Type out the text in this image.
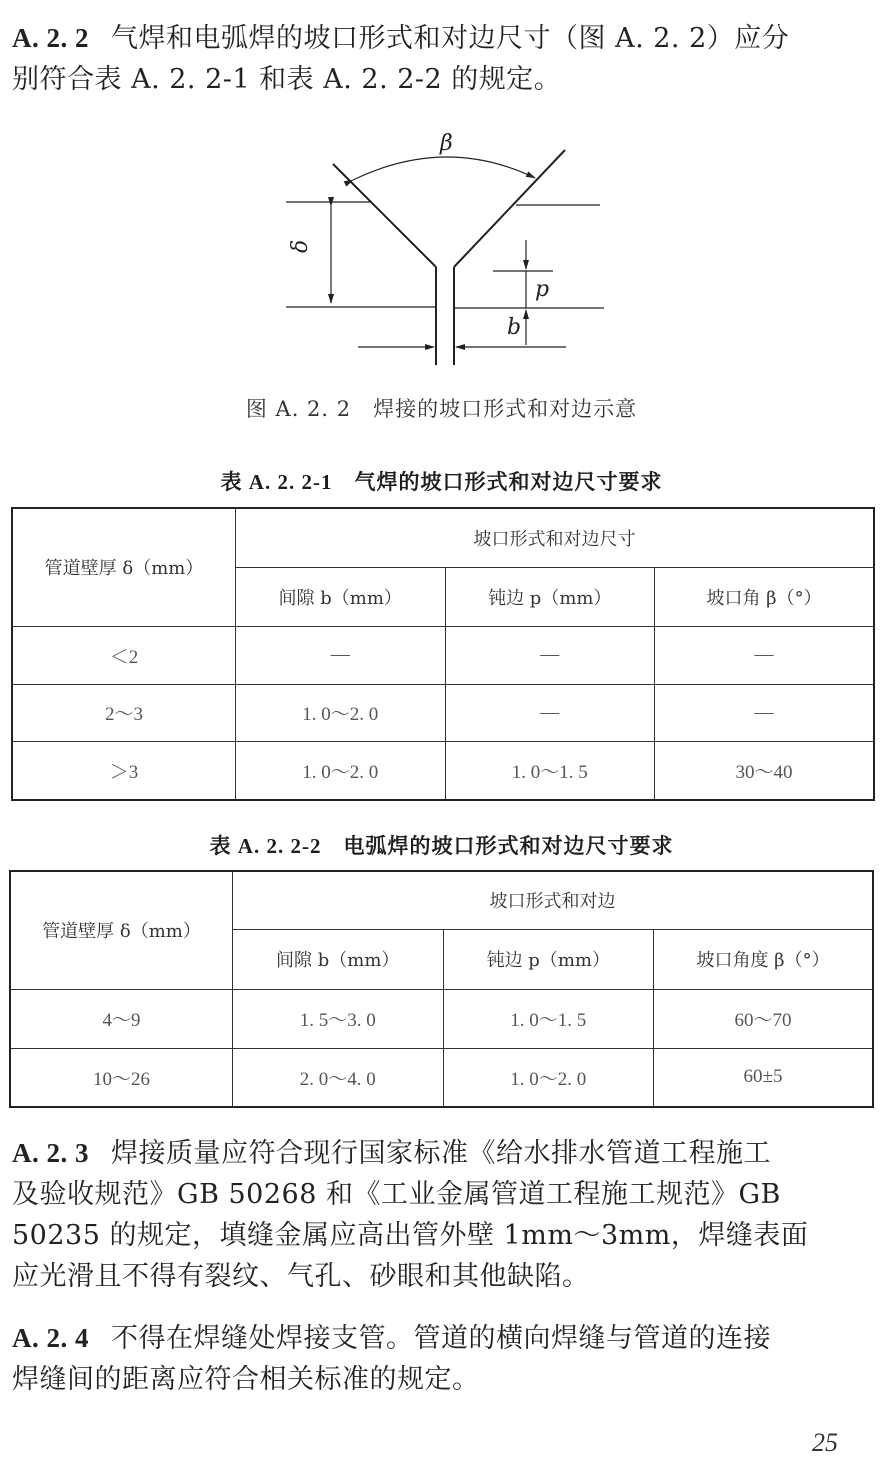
A. 2. 2 气焊和电弧焊的坡口形式和对边尺寸（图 A. 2. 2）应分
别符合表 A. 2. 2-1 和表 A. 2. 2-2 的规定。
β
δ
p
b
图 A. 2. 2　焊接的坡口形式和对边示意
表 A. 2. 2-1 气焊的坡口形式和对边尺寸要求
管道壁厚 δ（mm）	坡口形式和对边尺寸		
	间隙 b（mm）	钝边 p（mm）	坡口角 β（°）
＜2	—	—	—
2～3	1. 0～2. 0	—	—
＞3	1. 0～2. 0	1. 0～1. 5	30～40
表 A. 2. 2-2 电弧焊的坡口形式和对边尺寸要求
管道壁厚 δ（mm）	坡口形式和对边		
	间隙 b（mm）	钝边 p（mm）	坡口角度 β（°）
4～9	1. 5～3. 0	1. 0～1. 5	60～70
10～26	2. 0～4. 0	1. 0～2. 0	60±5
A. 2. 3 焊接质量应符合现行国家标准《给水排水管道工程施工
及验收规范》GB 50268 和《工业金属管道工程施工规范》GB
50235 的规定，填缝金属应高出管外壁 1mm～3mm，焊缝表面
应光滑且不得有裂纹、气孔、砂眼和其他缺陷。
A. 2. 4 不得在焊缝处焊接支管。管道的横向焊缝与管道的连接
焊缝间的距离应符合相关标准的规定。
25
